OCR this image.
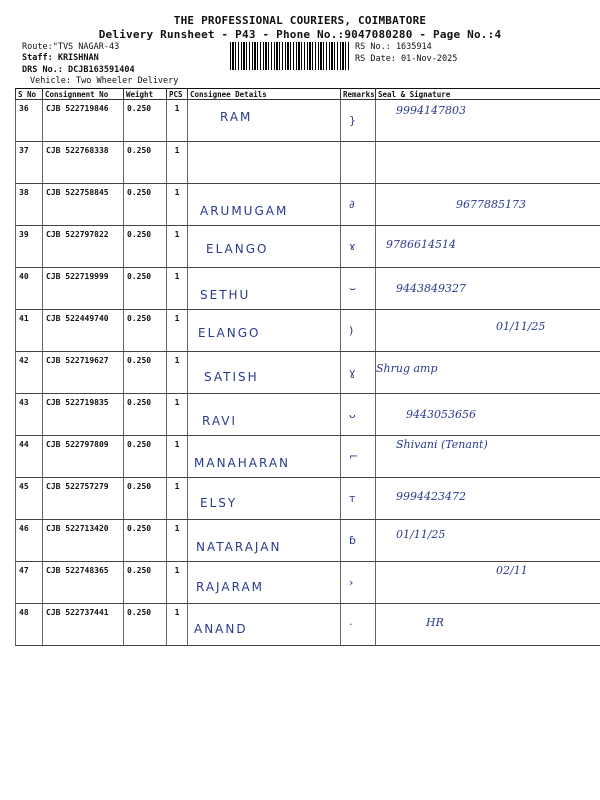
THE PROFESSIONAL COURIERS, COIMBATORE
Delivery Runsheet - P43 - Phone No.:9047080280 - Page No.:4
Route:"TVS NAGAR-43
Staff: KRISHNAN
DRS No.: DCJB163591404
Vehicle: Two Wheeler Delivery
RS No.: 1635914
RS Date: 01-Nov-2025
S No	Consignment No	Weight	PCS	Consignee Details	Remarks	Seal & Signature
36	CJB 522719846	0.250	1	RAM	}	9994147803

37	CJB 522768338	0.250	1	

38	CJB 522758845	0.250	1	ARUMUGAM	∂	9677885173

39	CJB 522797822	0.250	1	ELANGO	ɤ	9786614514

40	CJB 522719999	0.250	1	SETHU	⌣	9443849327

41	CJB 522449740	0.250	1	ELANGO	)	01/11/25

42	CJB 522719627	0.250	1	SATISH	ɣ	Shrug amp

43	CJB 522719835	0.250	1	RAVI	ᴗ	9443053656

44	CJB 522797809	0.250	1	MANAHARAN	⌐	Shivani (Tenant)

45	CJB 522757279	0.250	1	ELSY	ᴛ	9994423472

46	CJB 522713420	0.250	1	NATARAJAN	ɓ	01/11/25

47	CJB 522748365	0.250	1	RAJARAM	›	02/11

48	CJB 522737441	0.250	1	ANAND	·	HR
